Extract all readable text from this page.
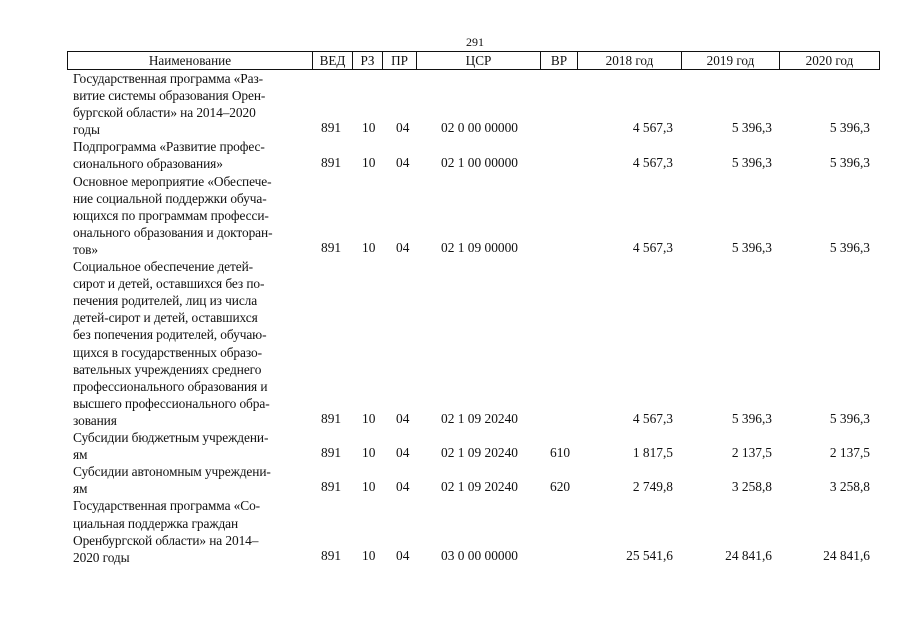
291
Наименование	ВЕД	РЗ	ПР	ЦСР	ВР	2018 год	2019 год	2020 год
Государственная программа «Раз-
витие системы образования Орен-
бургской области» на 2014–2020
годы	891 10 04 02 0 00 00000	4 567,3	5 396,3	5 396,3
Подпрограмма «Развитие профес-
сионального образования»	891 10 04 02 1 00 00000	4 567,3	5 396,3	5 396,3
Основное мероприятие «Обеспече-
ние социальной поддержки обуча-
ющихся по программам професси-
онального образования и докторан-
тов»	891 10 04 02 1 09 00000	4 567,3	5 396,3	5 396,3
Социальное обеспечение детей-
сирот и детей, оставшихся без по-
печения родителей, лиц из числа
детей-сирот и детей, оставшихся
без попечения родителей, обучаю-
щихся в государственных образо-
вательных учреждениях среднего
профессионального образования и
высшего профессионального обра-
зования	891 10 04 02 1 09 20240	4 567,3	5 396,3	5 396,3
Субсидии бюджетным учреждени-
ям	891 10 04 02 1 09 20240 610	1 817,5	2 137,5	2 137,5
Субсидии автономным учреждени-
ям	891 10 04 02 1 09 20240 620	2 749,8	3 258,8	3 258,8
Государственная программа «Со-
циальная поддержка граждан
Оренбургской области» на 2014–
2020 годы	891 10 04 03 0 00 00000	25 541,6	24 841,6	24 841,6
